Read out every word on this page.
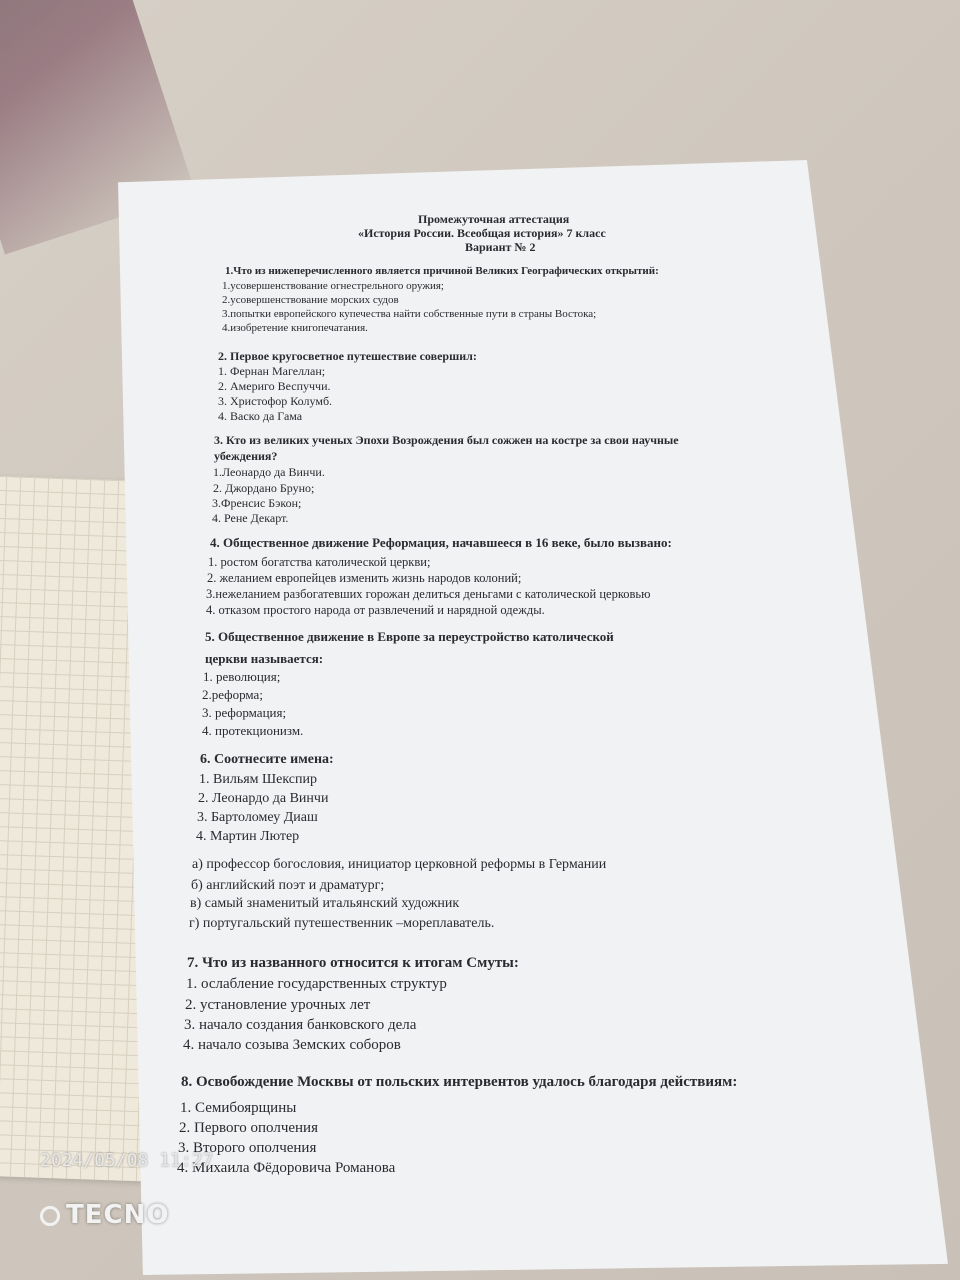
Промежуточная аттестация
«История России. Всеобщая история» 7 класс
Вариант № 2
1.Что из нижеперечисленного является причиной Великих Географических открытий:
1.усовершенствование огнестрельного оружия;
2.усовершенствование морских судов
3.попытки европейского купечества найти собственные пути в страны Востока;
4.изобретение книгопечатания.
2. Первое кругосветное путешествие совершил:
1. Фернан Магеллан;
2. Америго Веспуччи.
3. Христофор Колумб.
4. Васко да Гама
3. Кто из великих ученых Эпохи Возрождения был сожжен на костре за свои научные
убеждения?
1.Леонардо да Винчи.
2. Джордано Бруно;
3.Френсис Бэкон;
4. Рене Декарт.
4. Общественное движение Реформация, начавшееся в 16 веке, было вызвано:
1. ростом богатства католической церкви;
2. желанием европейцев изменить жизнь народов колоний;
3.нежеланием разбогатевших горожан делиться деньгами с католической церковью
4. отказом простого народа от развлечений и нарядной одежды.
5. Общественное движение в Европе за переустройство католической
церкви называется:
1. революция;
2.реформа;
3. реформация;
4. протекционизм.
6. Соотнесите имена:
1. Вильям Шекспир
2. Леонардо да Винчи
3. Бартоломеу Диаш
4. Мартин Лютер
а) профессор богословия, инициатор церковной реформы в Германии
б) английский поэт и драматург;
в) самый знаменитый итальянский художник
г) португальский путешественник –мореплаватель.
7. Что из названного относится к итогам Смуты:
1. ослабление государственных структур
2. установление урочных лет
3. начало создания банковского дела
4. начало созыва Земских соборов
8. Освобождение Москвы от польских интервентов удалось благодаря действиям:
1. Семибоярщины
2. Первого ополчения
3. Второго ополчения
4. Михаила Фёдоровича Романова
2024/05/08 11:27
TECNO
